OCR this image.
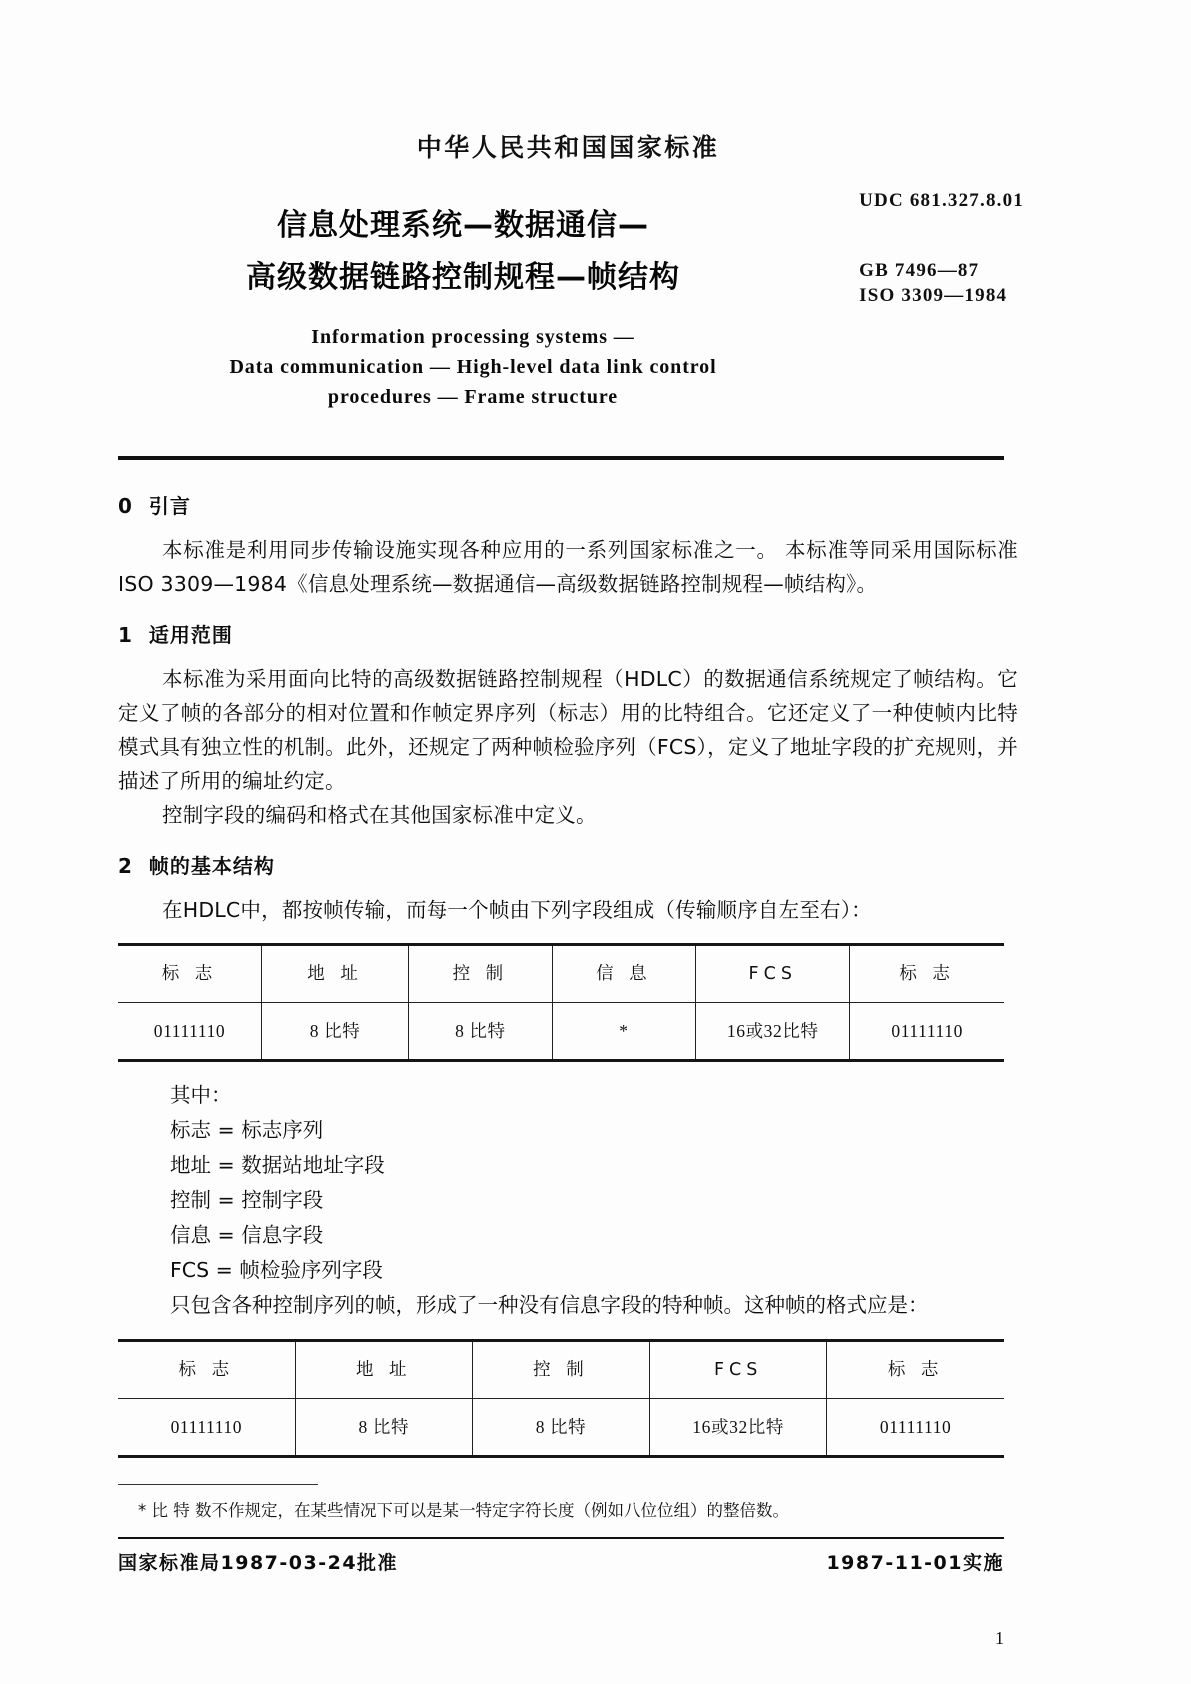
中华人民共和国国家标准
信息处理系统—数据通信—
高级数据链路控制规程—帧结构
UDC 681.327.8.01
GB 7496—87
ISO 3309—1984
Information processing systems —
Data communication — High-level data link control
procedures — Frame structure
0 引言

本标准是利用同步传输设施实现各种应用的一系列国家标准之一。 本标准等同采用国际标准 ISO 3309—1984《信息处理系统—数据通信—高级数据链路控制规程—帧结构》。

1 适用范围

本标准为采用面向比特的高级数据链路控制规程（HDLC）的数据通信系统规定了帧结构。它定义了帧的各部分的相对位置和作帧定界序列（标志）用的比特组合。它还定义了一种使帧内比特模式具有独立性的机制。此外，还规定了两种帧检验序列（FCS），定义了地址字段的扩充规则，并描述了所用的编址约定。

控制字段的编码和格式在其他国家标准中定义。

2 帧的基本结构

在HDLC中，都按帧传输，而每一个帧由下列字段组成（传输顺序自左至右）：

标 志	地 址	控 制	信 息	FCS	标 志
01111110	8 比特	8 比特	*	16或32比特	01111110
其中：
标志 = 标志序列
地址 = 数据站地址字段
控制 = 控制字段
信息 = 信息字段
FCS = 帧检验序列字段
只包含各种控制序列的帧，形成了一种没有信息字段的特种帧。这种帧的格式应是：
标 志	地 址	控 制	FCS	标 志
01111110	8 比特	8 比特	16或32比特	01111110
* 比 特 数不作规定，在某些情况下可以是某一特定字符长度（例如八位位组）的整倍数。
国家标准局1987-03-24批准	1987-11-01实施
1
